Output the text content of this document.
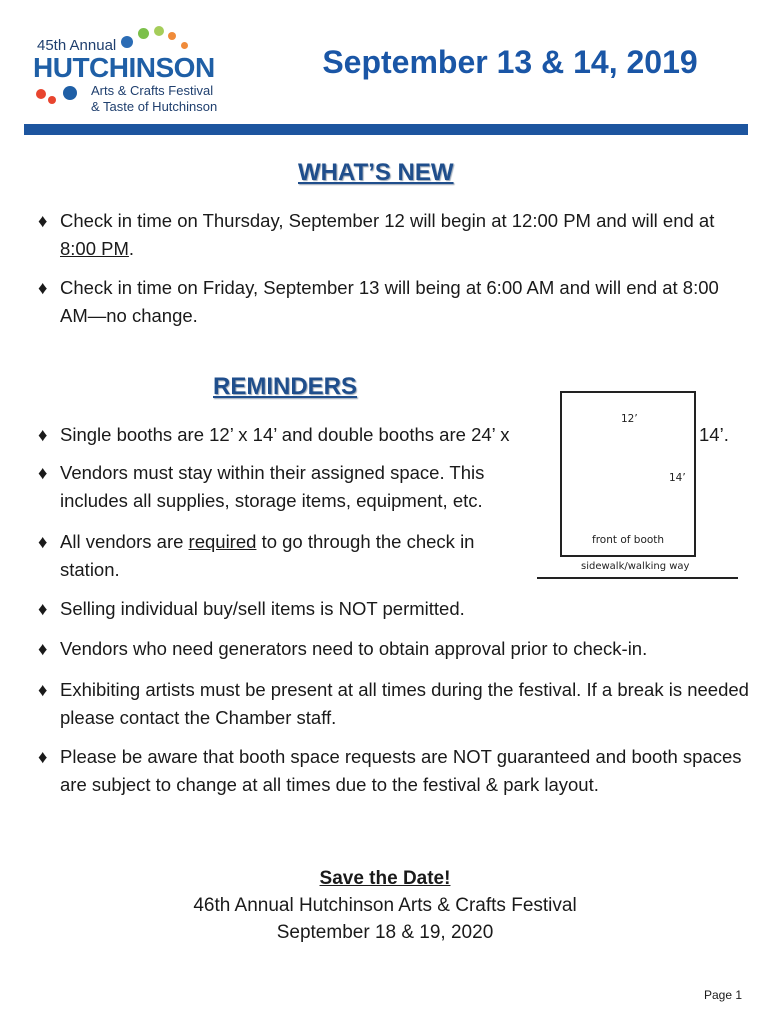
45th Annual
HUTCHINSON
Arts & Crafts Festival
& Taste of Hutchinson
September 13 & 14, 2019
WHAT’S NEW
♦ Check in time on Thursday, September 12 will begin at 12:00 PM and will end at 8:00 PM.
♦ Check in time on Friday, September 13 will being at 6:00 AM and will end at 8:00 AM—no change.
REMINDERS
♦ Single booths are 12’ x 14’ and double booths are 24’ x	14’.
♦ Vendors must stay within their assigned space. This includes all supplies, storage items, equipment, etc.
♦ All vendors are required to go through the check in station.
12’
14’
front of booth
sidewalk/walking way
♦ Selling individual buy/sell items is NOT permitted.
♦ Vendors who need generators need to obtain approval prior to check-in.
♦ Exhibiting artists must be present at all times during the festival. If a break is needed please contact the Chamber staff.
♦ Please be aware that booth space requests are NOT guaranteed and booth spaces are subject to change at all times due to the festival & park layout.
Save the Date!
46th Annual Hutchinson Arts & Crafts Festival
September 18 & 19, 2020
Page 1
